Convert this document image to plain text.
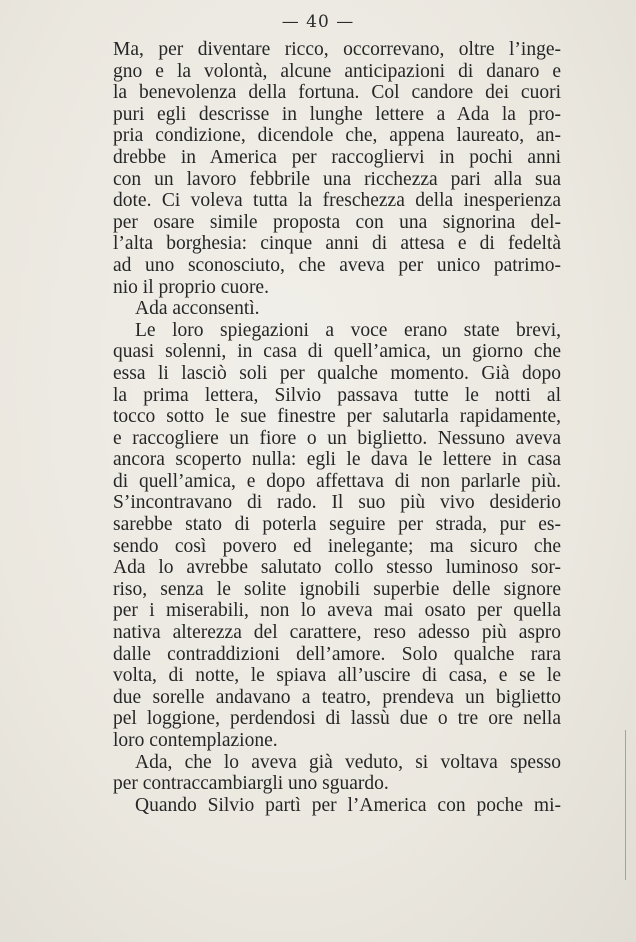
— 40 —
Ma, per diventare ricco, occorrevano, oltre l’inge-
gno e la volontà, alcune anticipazioni di danaro e
la benevolenza della fortuna. Col candore dei cuori
puri egli descrisse in lunghe lettere a Ada la pro-
pria condizione, dicendole che, appena laureato, an-
drebbe in America per raccogliervi in pochi anni
con un lavoro febbrile una ricchezza pari alla sua
dote. Ci voleva tutta la freschezza della inesperienza
per osare simile proposta con una signorina del-
l’alta borghesia: cinque anni di attesa e di fedeltà
ad uno sconosciuto, che aveva per unico patrimo-
nio il proprio cuore.
Ada acconsentì.
Le loro spiegazioni a voce erano state brevi,
quasi solenni, in casa di quell’amica, un giorno che
essa li lasciò soli per qualche momento. Già dopo
la prima lettera, Silvio passava tutte le notti al
tocco sotto le sue finestre per salutarla rapidamente,
e raccogliere un fiore o un biglietto. Nessuno aveva
ancora scoperto nulla: egli le dava le lettere in casa
di quell’amica, e dopo affettava di non parlarle più.
S’incontravano di rado. Il suo più vivo desiderio
sarebbe stato di poterla seguire per strada, pur es-
sendo così povero ed inelegante; ma sicuro che
Ada lo avrebbe salutato collo stesso luminoso sor-
riso, senza le solite ignobili superbie delle signore
per i miserabili, non lo aveva mai osato per quella
nativa alterezza del carattere, reso adesso più aspro
dalle contraddizioni dell’amore. Solo qualche rara
volta, di notte, le spiava all’uscire di casa, e se le
due sorelle andavano a teatro, prendeva un biglietto
pel loggione, perdendosi di lassù due o tre ore nella
loro contemplazione.
Ada, che lo aveva già veduto, si voltava spesso
per contraccambiargli uno sguardo.
Quando Silvio partì per l’America con poche mi-
